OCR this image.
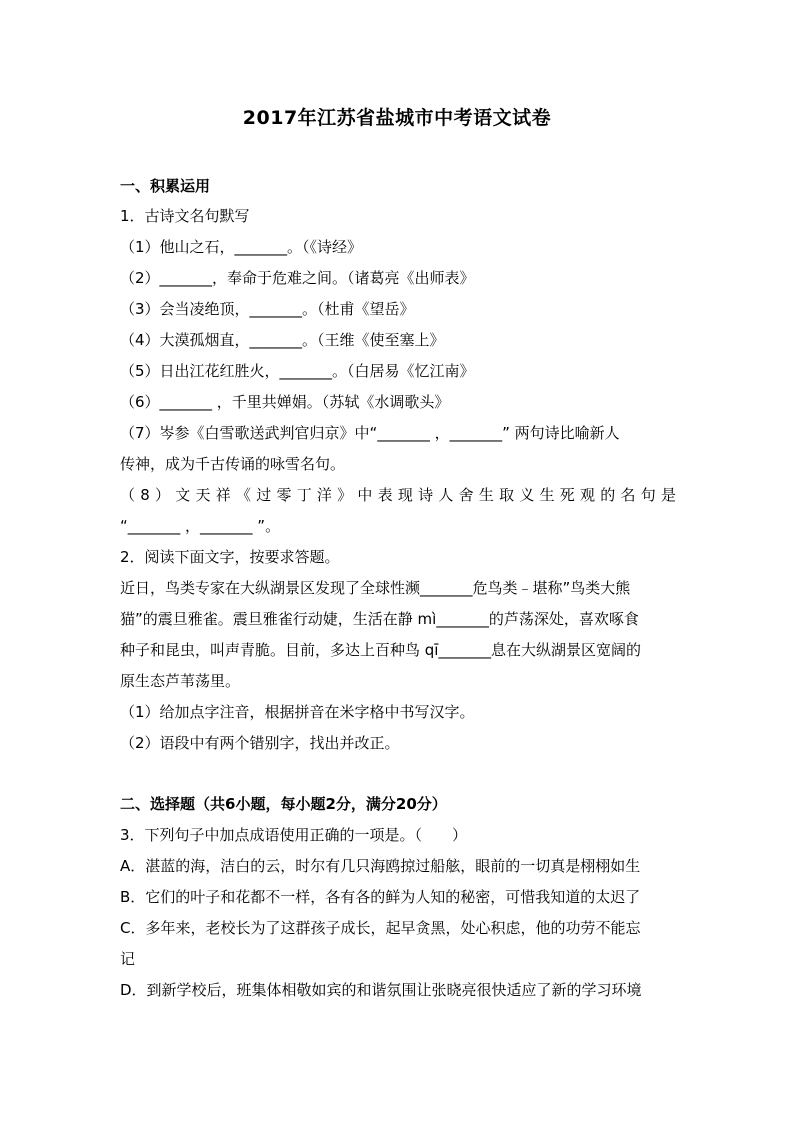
2017年江苏省盐城市中考语文试卷
一、积累运用
1．古诗文名句默写
（1）他山之石，_______。（《诗经》
（2）_______，奉命于危难之间。（诸葛亮《出师表》
（3）会当凌绝顶，_______。（杜甫《望岳》
（4）大漠孤烟直，_______。（王维《使至塞上》
（5）日出江花红胜火，_______。（白居易《忆江南》
（6）_______ ，千里共婵娟。（苏轼《水调歌头》
（7）岑参《白雪歌送武判官归京》中“_______ ，_______” 两句诗比喻新人
传神，成为千古传诵的咏雪名句。
（8）文天祥《过零丁洋》中表现诗人舍生取义生死观的名句是
“_______ ，_______ ”。
2．阅读下面文字，按要求答题。
近日，鸟类专家在大纵湖景区发现了全球性濒_______危鸟类﹣堪称”鸟类大熊
猫”的震旦雅雀。震旦雅雀行动婕，生活在静 mì_______的芦荡深处，喜欢啄食
种子和昆虫，叫声青脆。目前，多达上百种鸟 qī_______息在大纵湖景区宽阔的
原生态芦苇荡里。
（1）给加点字注音，根据拼音在米字格中书写汉字。
（2）语段中有两个错别字，找出并改正。
二、选择题（共6小题，每小题2分，满分20分）
3．下列句子中加点成语使用正确的一项是。（　　）
A．湛蓝的海，洁白的云，时尔有几只海鸥掠过船舷，眼前的一切真是栩栩如生
B．它们的叶子和花都不一样，各有各的鲜为人知的秘密，可惜我知道的太迟了
C．多年来，老校长为了这群孩子成长，起早贪黑，处心积虑，他的功劳不能忘
记
D．到新学校后，班集体相敬如宾的和谐氛围让张晓亮很快适应了新的学习环境
